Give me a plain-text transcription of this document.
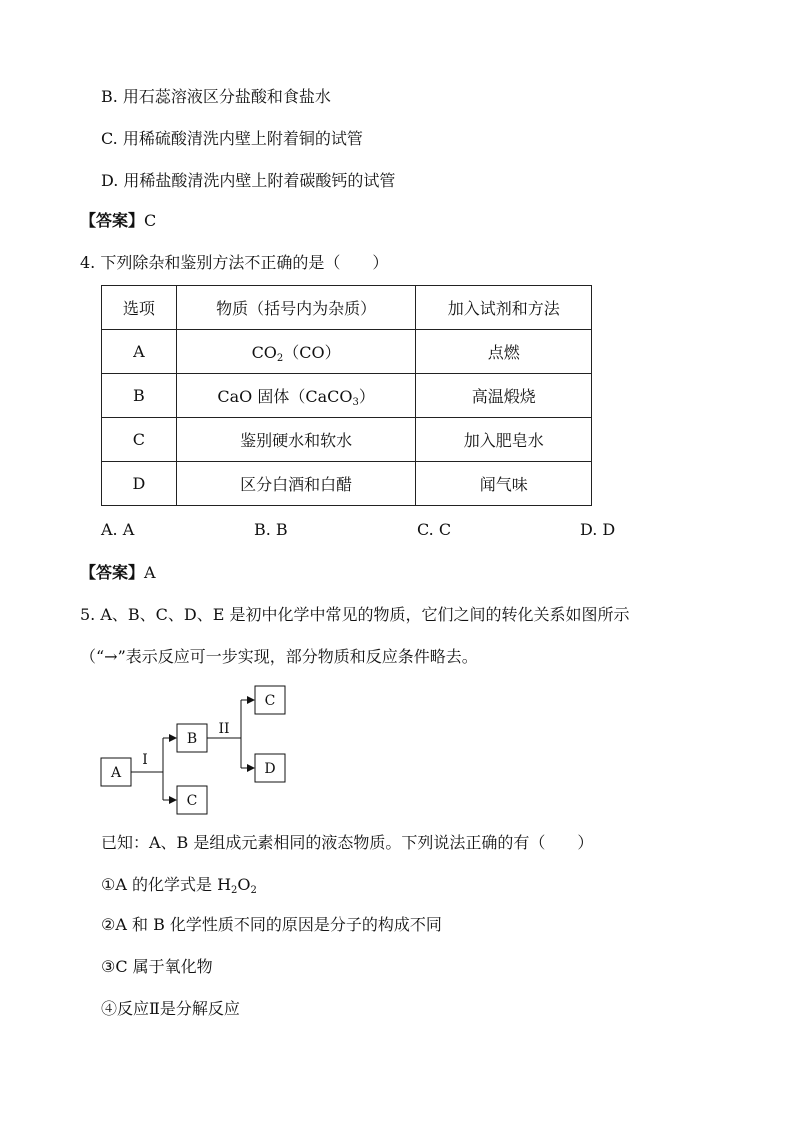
B. 用石蕊溶液区分盐酸和食盐水
C. 用稀硫酸清洗内壁上附着铜的试管
D. 用稀盐酸清洗内壁上附着碳酸钙的试管
【答案】C
4. 下列除杂和鉴别方法不正确的是（　　）
选项	物质（括号内为杂质）	加入试剂和方法
A	$CO_2(CO)$	点燃
B	CaO 固体（CaCO$_3$）	高温煅烧
C	鉴别硬水和软水	加入肥皂水
D	区分白酒和白醋	闻气味
A. A	B. B	C. C	D. D
【答案】A
5. A、B、C、D、E 是初中化学中常见的物质，它们之间的转化关系如图所示
（“→”表示反应可一步实现，部分物质和反应条件略去。
A
B
C
C
D
I
II
已知：A、B 是组成元素相同的液态物质。下列说法正确的有（　　）
①A 的化学式是 $H_2O_2$
②A 和 B 化学性质不同的原因是分子的构成不同
③C 属于氧化物
④反应Ⅱ是分解反应
